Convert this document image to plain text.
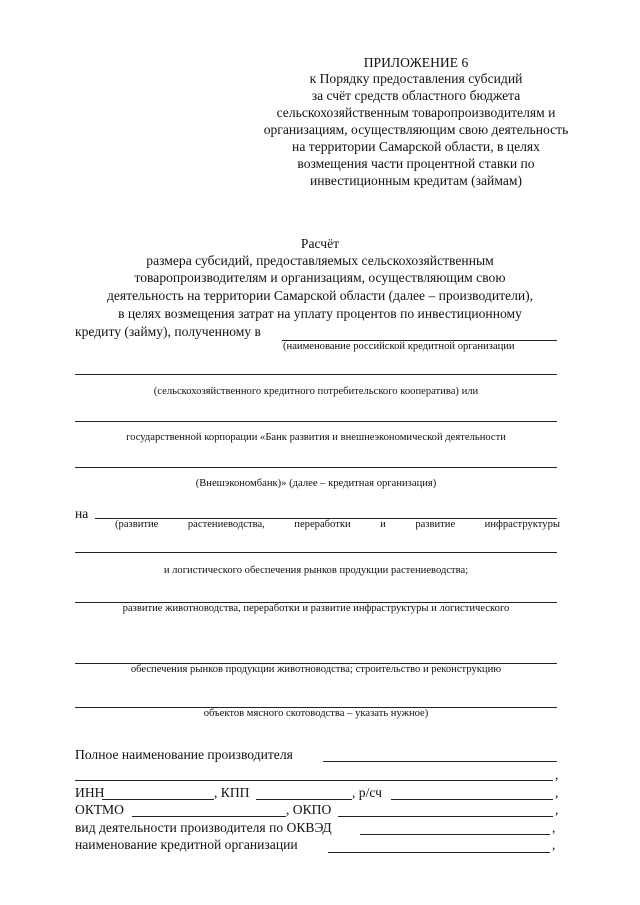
ПРИЛОЖЕНИЕ 6
к Порядку предоставления субсидий
за счёт средств областного бюджета
сельскохозяйственным товаропроизводителям и
организациям, осуществляющим свою деятельность
на территории Самарской области, в целях
возмещения части процентной ставки по
инвестиционным кредитам (займам)
Расчёт
размера субсидий, предоставляемых сельскохозяйственным
товаропроизводителям и организациям, осуществляющим свою
деятельность на территории Самарской области (далее – производители),
в целях возмещения затрат на уплату процентов по инвестиционному
кредиту (займу), полученному в
(наименование российской кредитной организации
(сельскохозяйственного кредитного потребительского кооператива) или
государственной корпорации «Банк развития и внешнеэкономической деятельности
(Внешэкономбанк)» (далее – кредитная организация)
на
(развитие	растениеводства,	переработки	и	развитие	инфраструктуры
и логистического обеспечения рынков продукции растениеводства;
развитие животноводства, переработки и развитие инфраструктуры и логистического
обеспечения рынков продукции животноводства; строительство и реконструкцию
объектов мясного скотоводства – указать нужное)
Полное наименование производителя
,
ИНН	, КПП	, р/сч	,
ОКТМО	, ОКПО	,
вид деятельности производителя по ОКВЭД	,
наименование кредитной организации	,
